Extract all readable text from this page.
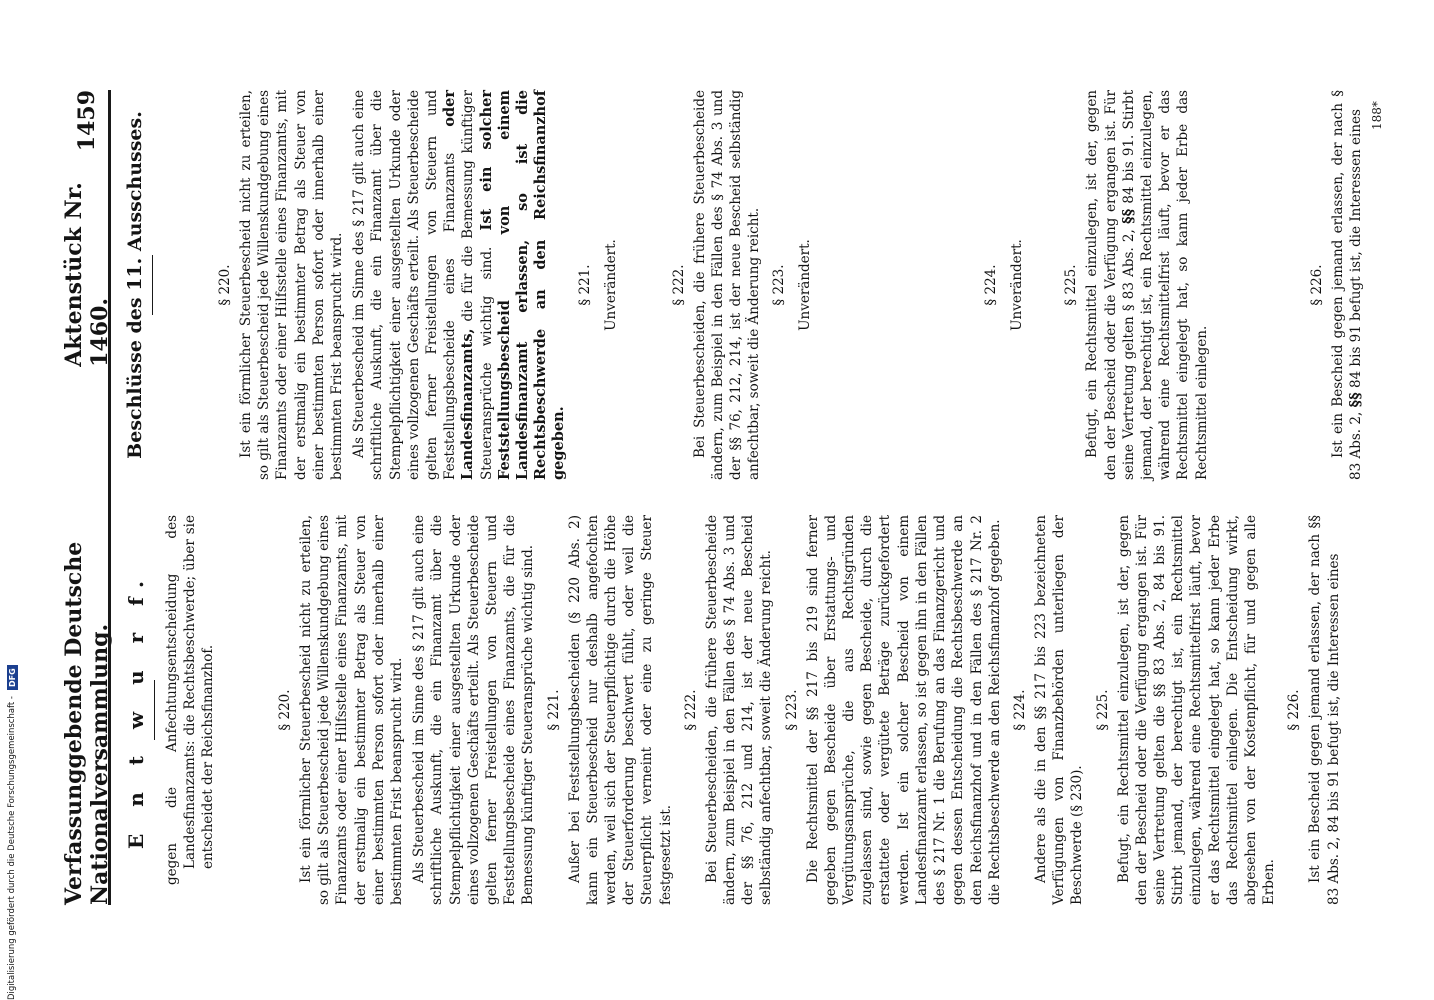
Verfassunggebende Deutsche Nationalversammlung.
Aktenstück Nr. 1460.
1459
E n t w u r f. gegen die Anfechtungsentscheidung des Landesfinanzamts: die Rechtsbeschwerde; über sie entscheidet der Reichsfinanzhof.	§ 220. Ist ein förmlicher Steuerbescheid nicht zu erteilen, so gilt als Steuerbescheid jede Willenskundgebung eines Finanzamts oder einer Hilfsstelle eines Finanzamts, mit der erstmalig ein bestimmter Betrag als Steuer von einer bestimmten Person sofort oder innerhalb einer bestimmten Frist beansprucht wird. Als Steuerbescheid im Sinne des § 217 gilt auch eine schriftliche Auskunft, die ein Finanzamt über die Stempelpflichtigkeit einer ausgestellten Urkunde oder eines vollzogenen Geschäfts erteilt. Als Steuerbescheide gelten ferner Freistellungen von Steuern und Feststellungsbescheide eines Finanzamts, die für die Bemessung künftiger Steueransprüche wichtig sind. § 221. Außer bei Feststellungsbescheiden (§ 220 Abs. 2) kann ein Steuerbescheid nur deshalb angefochten werden, weil sich der Steuerpflichtige durch die Höhe der Steuerforderung beschwert fühlt, oder weil die Steuerpflicht verneint oder eine zu geringe Steuer festgesetzt ist.

§ 222. Bei Steuerbescheiden, die frühere Steuerbescheide ändern, zum Beispiel in den Fällen des § 74 Abs. 3 und der §§ 76, 212 und 214, ist der neue Bescheid selbständig anfechtbar, soweit die Änderung reicht. § 223. Die Rechtsmittel der §§ 217 bis 219 sind ferner gegeben gegen Bescheide über Erstattungs- und Vergütungsansprüche, die aus Rechtsgründen zugelassen sind, sowie gegen Bescheide, durch die erstattete oder vergütete Beträge zurückgefordert werden. Ist ein solcher Bescheid von einem Landesfinanzamt erlassen, so ist gegen ihn in den Fällen des § 217 Nr. 1 die Berufung an das Finanzgericht und gegen dessen Entscheidung die Rechtsbeschwerde an den Reichsfinanzhof und in den Fällen des § 217 Nr. 2 die Rechtsbeschwerde an den Reichsfinanzhof gegeben. § 224. Andere als die in den §§ 217 bis 223 bezeichneten Verfügungen von Finanzbehörden unterliegen der Beschwerde (§ 230).

§ 225. Befugt, ein Rechtsmittel einzulegen, ist der, gegen den der Bescheid oder die Verfügung ergangen ist. Für seine Vertretung gelten die §§ 83 Abs. 2, 84 bis 91. Stirbt jemand, der berechtigt ist, ein Rechtsmittel einzulegen, während eine Rechtsmittelfrist läuft, bevor er das Rechtsmittel eingelegt hat, so kann jeder Erbe das Rechtsmittel einlegen. Die Entscheidung wirkt, abgesehen von der Kostenpflicht, für und gegen alle Erben.

§ 226. Ist ein Bescheid gegen jemand erlassen, der nach §§ 83 Abs. 2, 84 bis 91 befugt ist, die Interessen eines

Beschlüsse des 11. Ausschusses.	§ 220. Ist ein förmlicher Steuerbescheid nicht zu erteilen, so gilt als Steuerbescheid jede Willenskundgebung eines Finanzamts oder einer Hilfsstelle eines Finanzamts, mit der erstmalig ein bestimmter Betrag als Steuer von einer bestimmten Person sofort oder innerhalb einer bestimmten Frist beansprucht wird. Als Steuerbescheid im Sinne des § 217 gilt auch eine schriftliche Auskunft, die ein Finanzamt über die Stempelpflichtigkeit einer ausgestellten Urkunde oder eines vollzogenen Geschäfts erteilt. Als Steuerbescheide gelten ferner Freistellungen von Steuern und Feststellungsbescheide eines Finanzamts oder Landesfinanzamts, die für die Bemessung künftiger Steueransprüche wichtig sind. Ist ein solcher Feststellungsbescheid von einem Landesfinanzamt erlassen, so ist die Rechtsbeschwerde an den Reichsfinanzhof gegeben.

§ 221. Unverändert.	§ 222. Bei Steuerbescheiden, die frühere Steuerbescheide ändern, zum Beispiel in den Fällen des § 74 Abs. 3 und der §§ 76, 212, 214, ist der neue Bescheid selbständig anfechtbar, soweit die Änderung reicht. § 223. Unverändert.	§ 224. Unverändert.	§ 225. Befugt, ein Rechtsmittel einzulegen, ist der, gegen den der Bescheid oder die Verfügung ergangen ist. Für seine Vertretung gelten § 83 Abs. 2, §§ 84 bis 91. Stirbt jemand, der berechtigt ist, ein Rechtsmittel einzulegen, während eine Rechtsmittelfrist läuft, bevor er das Rechtsmittel eingelegt hat, so kann jeder Erbe das Rechtsmittel einlegen.

§ 226. Ist ein Bescheid gegen jemand erlassen, der nach § 83 Abs. 2, §§ 84 bis 91 befugt ist, die Interessen eines 188*
Digitalisierung gefördert durch die Deutsche Forschungsgemeinschaft -
DFG
